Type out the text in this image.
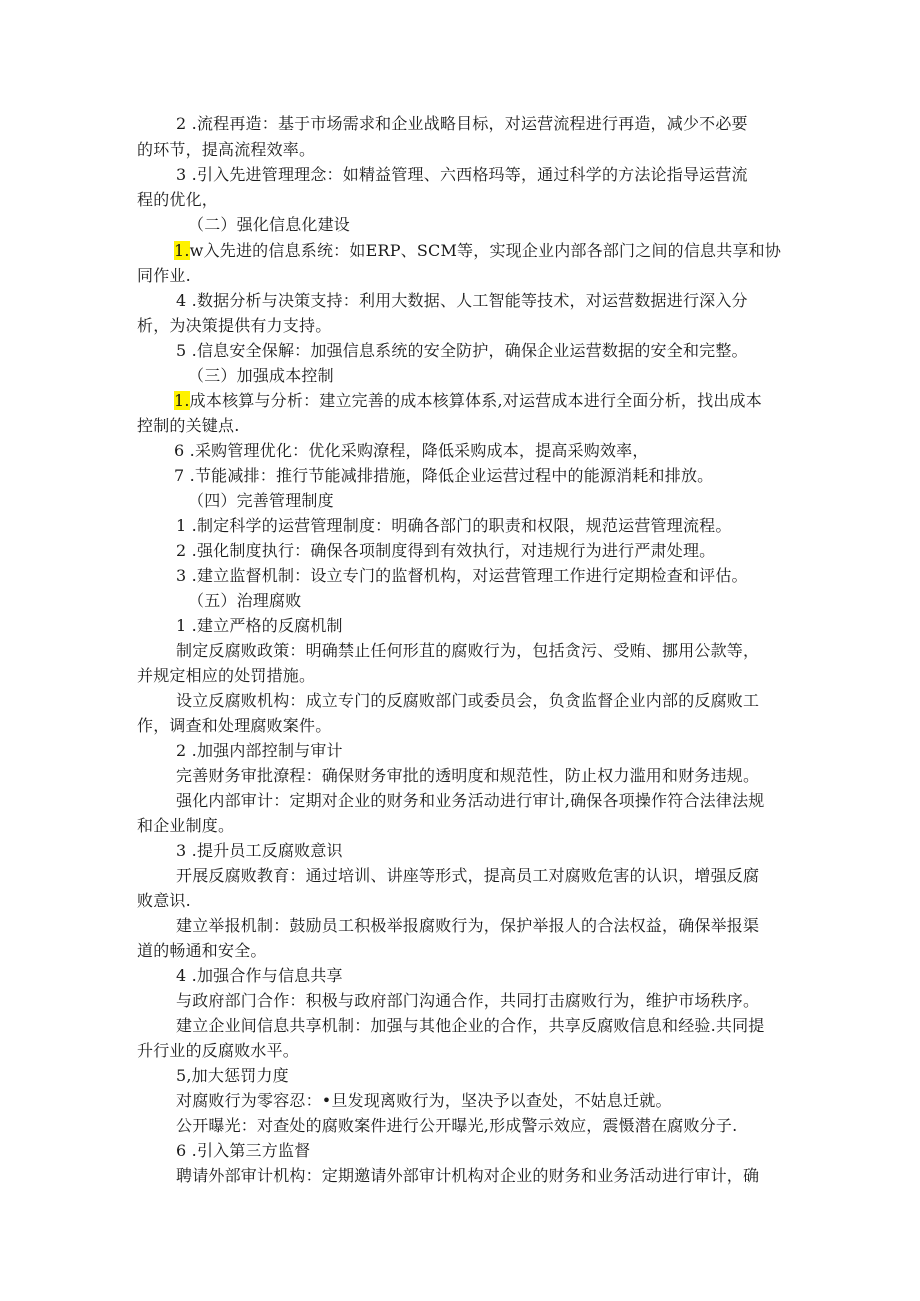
2 .流程再造：基于市场需求和企业战略目标，对运营流程进行再造，减少不必要
的环节，提高流程效率。
3 .引入先进管理理念：如精益管理、六西格玛等，通过科学的方法论指导运营流
程的优化，
（二）强化信息化建设
1.w入先进的信息系统：如ERP、SCM等，实现企业内部各部门之间的信息共享和协
同作业.
4 .数据分析与决策支持：利用大数据、人工智能等技术，对运营数据进行深入分
析，为决策提供有力支持。
5 .信息安全保解：加强信息系统的安全防护，确保企业运营数据的安全和完整。
（三）加强成本控制
1.成本核算与分析：建立完善的成本核算体系,对运营成本进行全面分析，找出成本
控制的关键点.
6 .采购管理优化：优化采购潦程，降低采购成本，提高采购效率，
7 .节能减排：推行节能减排措施，降低企业运营过程中的能源消耗和排放。
（四）完善管理制度
1 .制定科学的运营管理制度：明确各部门的职责和权限，规范运营管理流程。
2 .强化制度执行：确保各项制度得到有效执行，对违规行为进行严肃处理。
3 .建立监督机制：设立专门的监督机构，对运营管理工作进行定期检查和评估。
（五）治理腐败
1 .建立严格的反腐机制
制定反腐败政策：明确禁止任何形苴的腐败行为，包括贪污、受贿、挪用公款等，
并规定相应的处罚措施。
设立反腐败机构：成立专门的反腐败部门或委员会，负贪监督企业内部的反腐败工
作，调查和处理腐败案件。
2 .加强内部控制与审计
完善财务审批潦程：确保财务审批的透明度和规范性，防止权力滥用和财务违规。
强化内部审计：定期对企业的财务和业务活动进行审计,确保各项操作符合法律法规
和企业制度。
3 .提升员工反腐败意识
开展反腐败教育：通过培训、讲座等形式，提高员工对腐败危害的认识，增强反腐
败意识.
建立举报机制：鼓励员工积极举报腐败行为，保护举报人的合法权益，确保举报渠
道的畅通和安全。
4 .加强合作与信息共享
与政府部门合作：积极与政府部门沟通合作，共同打击腐败行为，维护市场秩序。
建立企业间信息共享机制：加强与其他企业的合作，共享反腐败信息和经验.共同提
升行业的反腐败水平。
5,加大惩罚力度
对腐败行为零容忍：•旦发现离败行为，坚决予以查处，不姑息迁就。
公开曝光：对查处的腐败案件进行公开曝光,形成警示效应，震慑潜在腐败分子.
6 .引入第三方监督
聘请外部审计机构：定期邀请外部审计机构对企业的财务和业务活动进行审计，确
